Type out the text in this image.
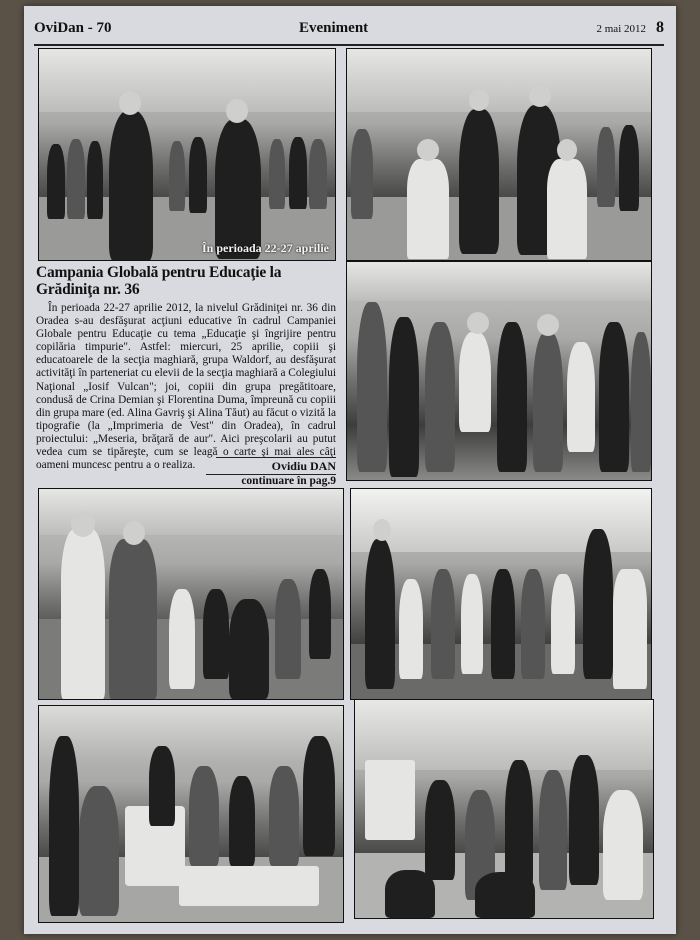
OviDan - 70	Eveniment	2 mai 2012 8
În perioada 22-27 aprilie
Campania Globală pentru Educaţie la Grădiniţa nr. 36

În perioada 22-27 aprilie 2012, la nivelul Grădiniţei nr. 36 din Oradea s-au desfăşurat acţiuni educative în cadrul Campaniei Globale pentru Educaţie cu tema „Educaţie şi îngrijire pentru copilăria timpurie". Astfel: miercuri, 25 aprilie, copiii şi educatoarele de la secţia maghiară, grupa Waldorf, au desfăşurat activităţi în parteneriat cu elevii de la secţia maghiară a Colegiului Naţional „Iosif Vulcan"; joi, copiii din grupa pregătitoare, condusă de Crina Demian şi Florentina Duma, împreună cu copiii din grupa mare (ed. Alina Gavriş şi Alina Tăut) au făcut o vizită la tipografie (la „Imprimeria de Vest" din Oradea), în cadrul proiectului: „Meseria, brăţară de aur". Aici preşcolarii au putut vedea cum se tipăreşte, cum se leagă o carte şi mai ales câţi oameni muncesc pentru a o realiza.	Ovidiu DAN
continuare în pag.9
